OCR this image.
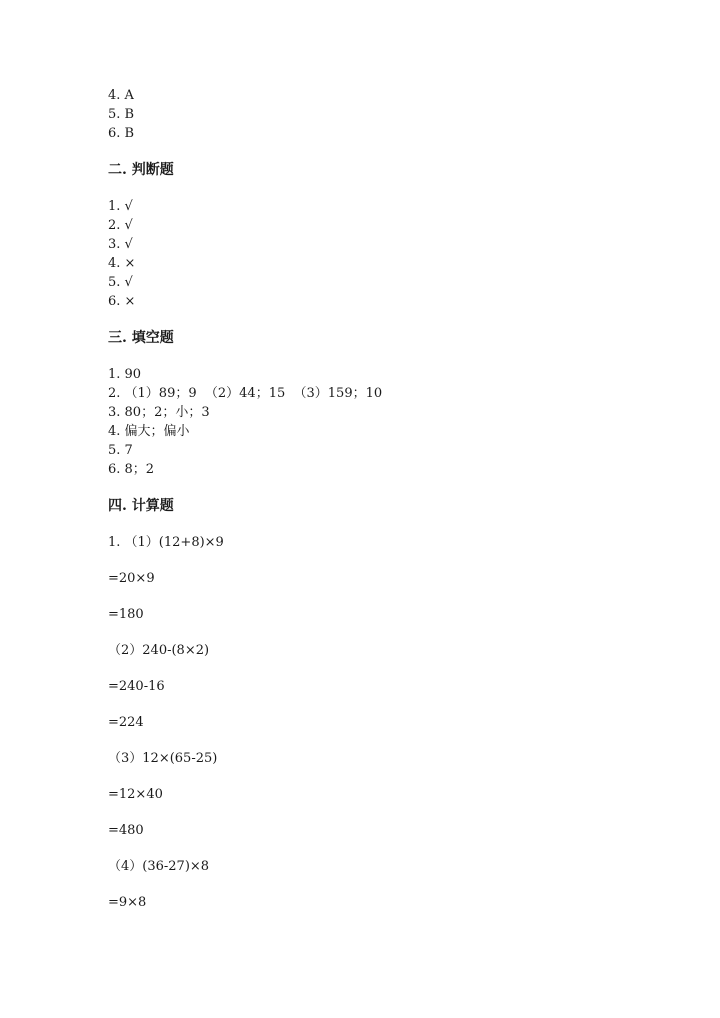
4. A
5. B
6. B
二. 判断题
1. √
2. √
3. √
4. ×
5. √
6. ×
三. 填空题
1. 90
2. （1）89；9  （2）44；15  （3）159；10
3. 80；2；小；3
4. 偏大；偏小
5. 7
6. 8；2
四. 计算题
1. （1）(12+8)×9
=20×9
=180
（2）240-(8×2)
=240-16
=224
（3）12×(65-25)
=12×40
=480
（4）(36-27)×8
=9×8
